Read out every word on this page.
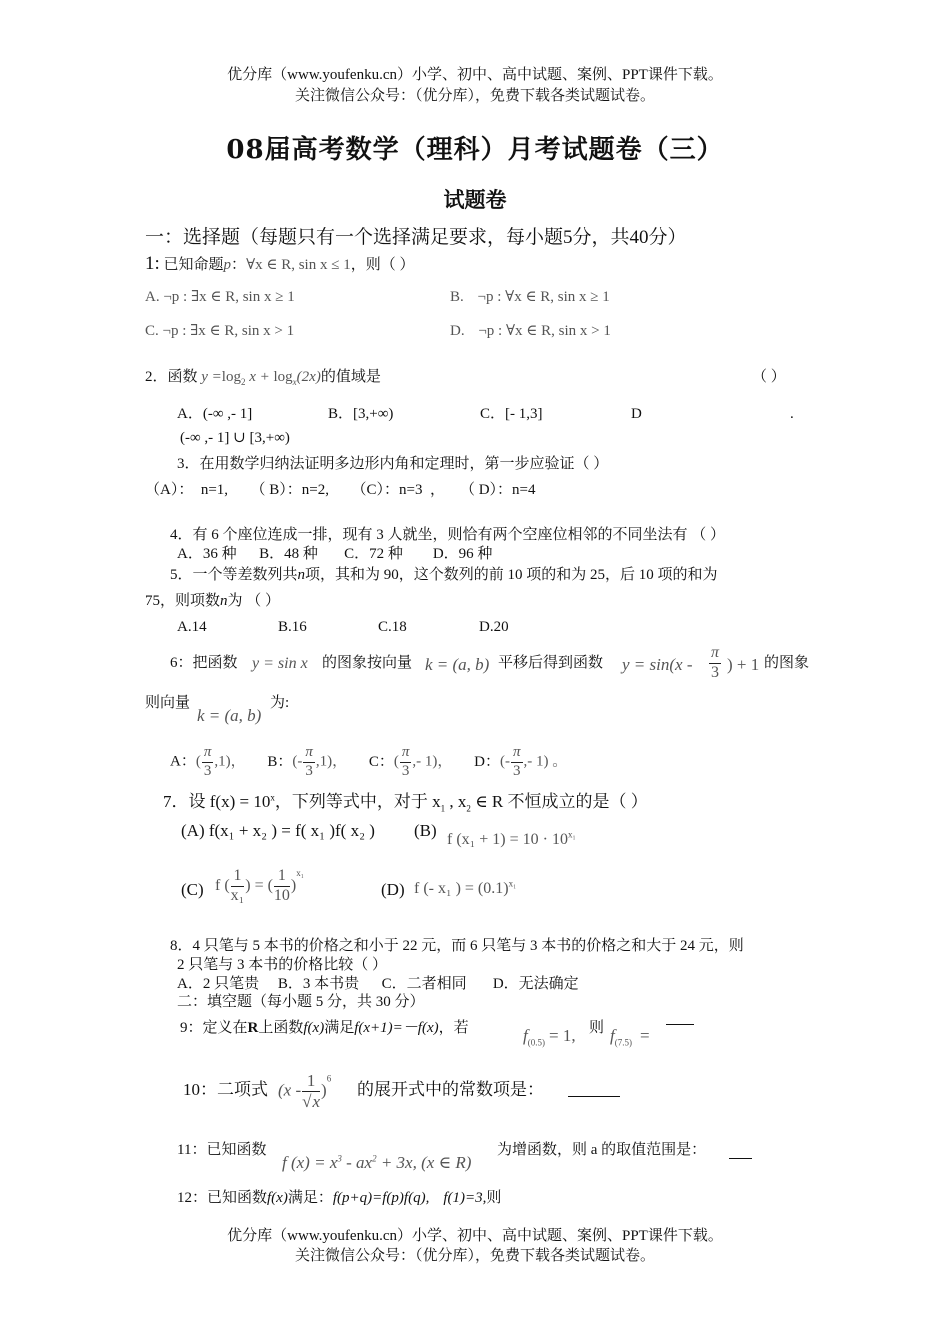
优分库（www.youfenku.cn）小学、初中、高中试题、案例、PPT课件下载。
关注微信公众号：（优分库），免费下载各类试题试卷。
08届高考数学（理科）月考试题卷（三）
试题卷
一：选择题（每题只有一个选择满足要求，每小题5分，共40分）
1: 已知命题p：∀x ∈ R, sin x ≤ 1，则（ ）
A. ¬p : ∃x ∈ R, sin x ≥ 1	B. ¬p : ∀x ∈ R, sin x ≥ 1
C. ¬p : ∃x ∈ R, sin x > 1	D. ¬p : ∀x ∈ R, sin x > 1
2．函数 $y =\log_2$ $x + \log_x(2x)$的值域是	（ ）
A．(-∞ ,- 1]	B．[3,+∞)	C．[- 1,3]	D	.
(-∞ ,- 1] ∪ [3,+∞)
3．在用数学归纳法证明多边形内角和定理时，第一步应验证（ ）
（A）：  n=1,      （ B）：n=2,      （C）：n=3  ，    （ D）：n=4
4．有 6 个座位连成一排，现有 3 人就坐，则恰有两个空座位相邻的不同坐法有 （ ）
A．36 种      B．48 种       C．72 种        D．96 种
5．一个等差数列共n项，其和为 90，这个数列的前 10 项的和为 25，后 10 项的和为
75，则项数n为 （ ）
A.14	B.16	C.18	D.20
6：把函数 y = sin x 的图象按向量 k = (a, b) 平移后得到函数 $y = \sin(x - \frac{\pi}{3}$ ) + 1 的图象
则向量
k = (a, b)
为:
A：( $\frac{\pi}{3} ,1$)， B：(- $\frac{\pi}{3} ,1$)， C：( $\frac{\pi}{3}$ ,- 1)， D：(- $\frac{\pi}{3}$ ,- 1) 。
7．设 $f(x) = 10^x$，下列等式中，对于 $x_1$ , $x_2$ ∈ R 不恒成立的是（ ）
(A) f(x₁ + x₂ ) = f( x₁ )f( x₂ ) (B) f $(x_1 + 1) = 10 \cdot 10^{x_1}$
(C) f ( $\frac{1}{\text{x₁}}$ ) = ( $\frac{1}{10} )^{x_1}$
(D) f (- x₁ ) = $(0.1)^{x_1}$
8．4 只笔与 5 本书的价格之和小于 22 元，而 6 只笔与 3 本书的价格之和大于 24 元，则
2 只笔与 3 本书的价格比较（ ）
A．2 只笔贵     B．3 本书贵      C．二者相同       D．无法确定
二：填空题（每小题 5 分，共 30 分）
9：定义在R上函数f(x)满足f(x+1)=－f(x)，若	$f_{(0.5)} = 1$, 则 $f_{(7.5)}$ =
10：二项式 $(x - \frac{1}{√x} )^6$
的展开式中的常数项是：
11：已知函数
f $(x) = x^3 - ax^2 + 3x$, (x ∈ R)
为增函数，则 a 的取值范围是：
12：已知函数f(x)满足：f(p+q)=f(p)f(q), f(1)=3,则
优分库（www.youfenku.cn）小学、初中、高中试题、案例、PPT课件下载。
关注微信公众号：（优分库），免费下载各类试题试卷。
